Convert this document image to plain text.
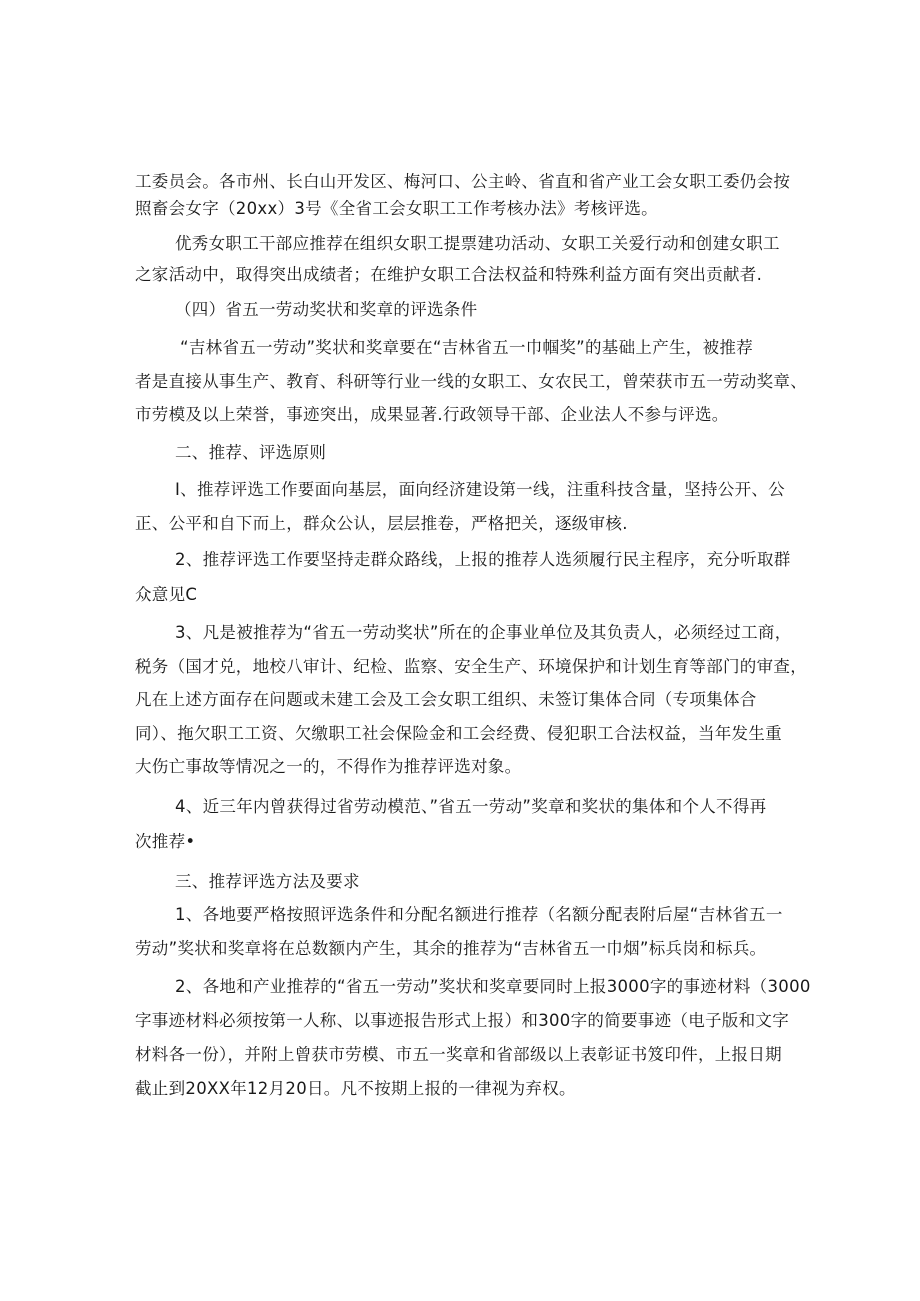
工委员会。各市州、长白山开发区、梅河口、公主岭、省直和省产业工会女职工委仍会按
照畜会女字（20xx）3号《全省工会女职工工作考核办法》考核评选。
优秀女职工干部应推荐在组织女职工提票建功活动、女职工关爱行动和创建女职工
之家活动中，取得突出成绩者；在维护女职工合法权益和特殊利益方面有突出贡献者.
（四）省五一劳动奖状和奖章的评选条件
“吉林省五一劳动”奖状和奖章要在“吉林省五一巾帼奖”的基础上产生，被推荐
者是直接从事生产、教育、科研等行业一线的女职工、女农民工，曾荣获市五一劳动奖章、
市劳模及以上荣誉，事迹突出，成果显著.行政领导干部、企业法人不参与评选。
二、推荐、评选原则
I、推荐评选工作要面向基层，面向经济建设第一线，注重科技含量，坚持公开、公
正、公平和自下而上，群众公认，层层推卷，严格把关，逐级审核.
2、推荐评选工作要坚持走群众路线，上报的推荐人选须履行民主程序，充分听取群
众意见C
3、凡是被推荐为“省五一劳动奖状”所在的企事业单位及其负责人，必须经过工商，
税务（国才兑，地校八审计、纪检、监察、安全生产、环境保护和计划生育等部门的审查，
凡在上述方面存在问题或未建工会及工会女职工组织、未签订集体合同（专项集体合
同）、拖欠职工工资、欠缴职工社会保险金和工会经费、侵犯职工合法权益，当年发生重
大伤亡事故等情况之一的，不得作为推荐评选对象。
4、近三年内曾获得过省劳动模范、”省五一劳动”奖章和奖状的集体和个人不得再
次推荐•
三、推荐评选方法及要求
1、各地要严格按照评选条件和分配名额进行推荐（名额分配表附后屋“吉林省五一
劳动”奖状和奖章将在总数额内产生，其余的推荐为“吉林省五一巾烟”标兵岗和标兵。
2、各地和产业推荐的“省五一劳动”奖状和奖章要同时上报3000字的事迹材料（3000
字事迹材料必须按第一人称、以事迹报告形式上报）和300字的简要事迹（电子版和文字
材料各一份），并附上曾获市劳模、市五一奖章和省部级以上表彰证书笈印件，上报日期
截止到20XX年12月20日。凡不按期上报的一律视为弃权。
